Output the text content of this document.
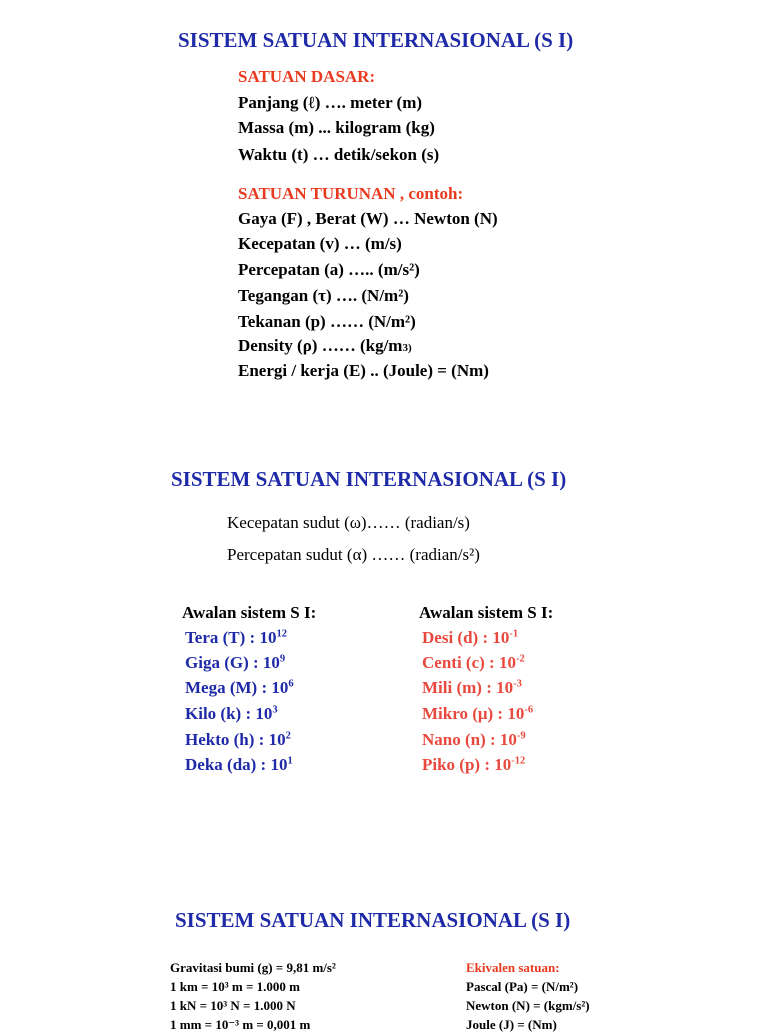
SISTEM SATUAN INTERNASIONAL (S I)
SATUAN DASAR:
Panjang (ℓ) …. meter (m)
Massa (m) ... kilogram (kg)
Waktu (t) … detik/sekon (s)
SATUAN TURUNAN , contoh:
Gaya (F) , Berat (W) … Newton (N)
Kecepatan (v) … (m/s)
Percepatan (a) ….. (m/s²)
Tegangan (τ) …. (N/m²)
Tekanan (p) …… (N/m²)
Density (ρ) …… (kg/m3)
Energi / kerja (E) .. (Joule) = (Nm)
SISTEM SATUAN INTERNASIONAL (S I)
Kecepatan sudut (ω)…… (radian/s)
Percepatan sudut (α) …… (radian/s²)
Awalan sistem S I:	Awalan sistem S I:
Tera (T) : $10^{12}$
Giga (G) : $10^9$
Mega (M) : $10^6$
Kilo (k) : $10^3$
Hekto (h) : $10^2$
Deka (da) : $10^1$
Desi (d) : $10^{-1}$
Centi (c) : $10^{-2}$
Mili (m) : $10^{-3}$
Mikro (μ) : $10^{-6}$
Nano (n) : $10^{-9}$
Piko (p) : $10^{-12}$
SISTEM SATUAN INTERNASIONAL (S I)
Gravitasi bumi (g) = 9,81 m/s²
1 km = 10³ m = 1.000 m
1 kN = 10³ N = 1.000 N
1 mm = 10⁻³ m = 0,001 m
Ekivalen satuan:
Pascal (Pa) = (N/m²)
Newton (N) = (kgm/s²)
Joule (J) = (Nm)
